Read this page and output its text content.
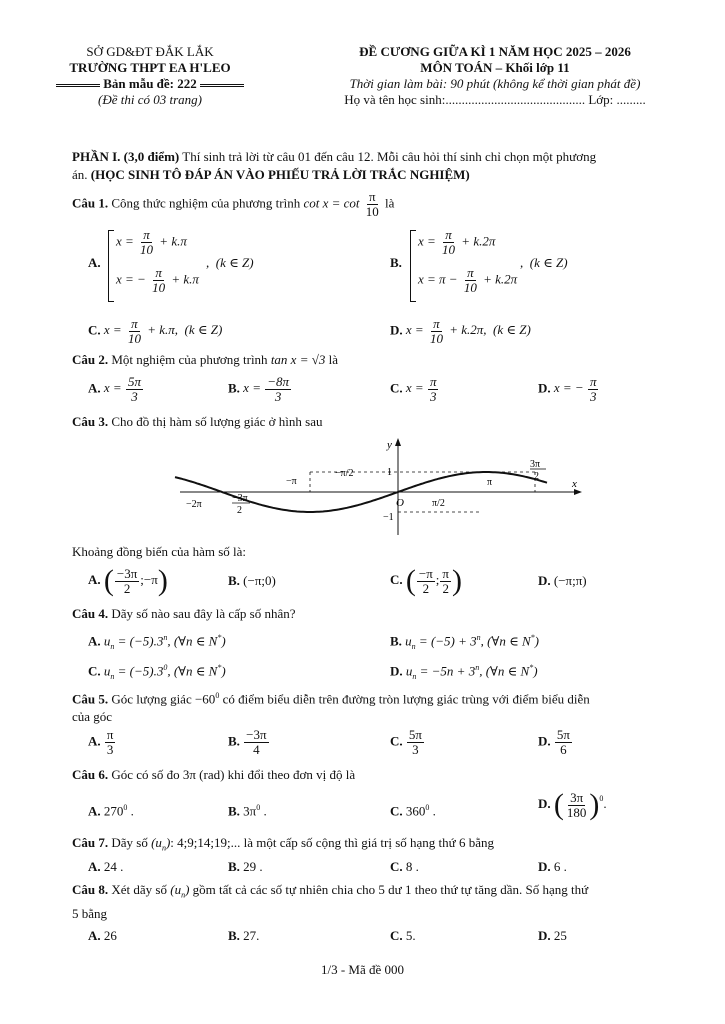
SỞ GD&ĐT ĐẮK LẮK
TRƯỜNG THPT EA H'LEO
Bản mẫu đề: 222
(Đề thi có 03 trang)
ĐỀ CƯƠNG GIỮA KÌ 1 NĂM HỌC 2025 – 2026
MÔN TOÁN – Khối lớp 11
Thời gian làm bài: 90 phút (không kể thời gian phát đề)
Họ và tên học sinh:........................................... Lớp: .........
PHẦN I. (3,0 điểm) Thí sinh trả lời từ câu 01 đến câu 12. Mỗi câu hỏi thí sinh chỉ chọn một phương
án. (HỌC SINH TÔ ĐÁP ÁN VÀO PHIẾU TRẢ LỜI TRẮC NGHIỆM)
Câu 1. Công thức nghiệm của phương trình $\cot x = \cot \frac{\pi}{10}$ là
A.
$x = \frac{\pi}{10} + k.\pi$
x = − $\frac{\pi}{10} + k.\pi$
,  (k ∈ Z)	B.
$x = \frac{\pi}{10} + k.2\pi$
$x = \pi - \frac{\pi}{10} + k.2\pi$
,  (k ∈ Z)
C. $x = \frac{\pi}{10} + k.\pi$,  (k ∈ Z)	D. $x = \frac{\pi}{10} + k.2\pi$,  (k ∈ Z)
Câu 2. Một nghiệm của phương trình tan x = √3 là
A. $x = \frac{5\pi}{3}$	B. $x = \frac{-8\pi}{3}$	C. $x = \frac{\pi}{3}$	D. x = − $\frac{\pi}{3}$
Câu 3. Cho đồ thị hàm số lượng giác ở hình sau
y
x
O
1
−1
−2π
−3π
2
−π
−π/2
π/2
π
3π
2
Khoảng đồng biến của hàm số là:
A. ( $\frac{-3\pi}{2}$ ;−π)	B. (−π;0)	C. ( $\frac{-\pi}{2}$ ; $\frac{\pi}{2}$ )	D. (−π;π)
Câu 4. Dãy số nào sau đây là cấp số nhân?
A. $u_n = (-5).3^n$, (∀n ∈ N*)	B. $u_n = (-5) + 3^n$, (∀n ∈ N*)
C. $u_n = (-5).3^0$, (∀n ∈ N*)	D. $u_n = -5n + 3^n$, (∀n ∈ N*)
Câu 5. Góc lượng giác $-60^0$ có điểm biểu diễn trên đường tròn lượng giác trùng với điểm biểu diễn
của góc
A. $\frac{\pi}{3}$	B. $\frac{-3\pi}{4}$	C. $\frac{5\pi}{3}$	D. $\frac{5\pi}{6}$
Câu 6. Góc có số đo 3π (rad) khi đổi theo đơn vị độ là
A. $270^0$ .	B. $3\pi^0$ .	C. $360^0$ .	D. ( $\frac{3\pi}{180} )^0$.
Câu 7. Dãy số $(u_n)$: 4;9;14;19;... là một cấp số cộng thì giá trị số hạng thứ 6 bằng
A. 24 .	B. 29 .	C. 8 .	D. 6 .
Câu 8. Xét dãy số $(u_n)$ gồm tất cả các số tự nhiên chia cho 5 dư 1 theo thứ tự tăng dần. Số hạng thứ
5 bằng
A. 26	B. 27.	C. 5.	D. 25
1/3 - Mã đề 000
